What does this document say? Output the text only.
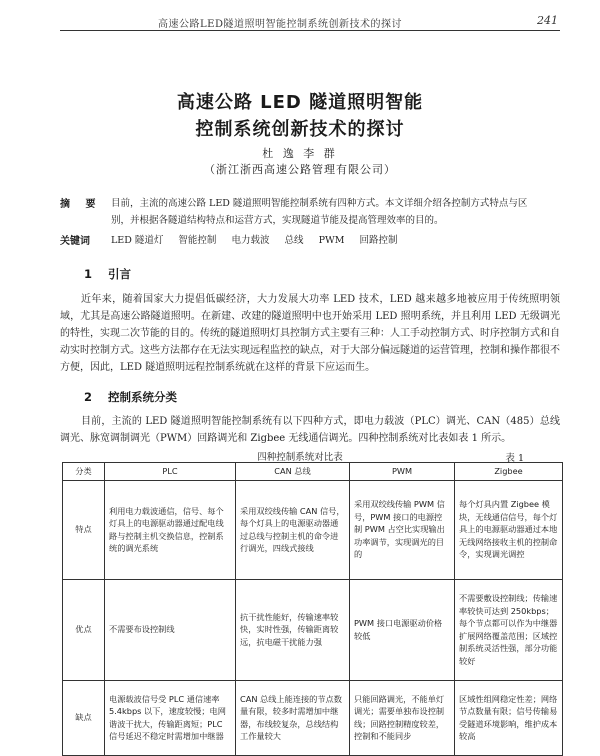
高速公路LED隧道照明智能控制系统创新技术的探讨	241
高速公路 LED 隧道照明智能
控制系统创新技术的探讨
杜 逸 李 群
（浙江浙西高速公路管理有限公司）
摘 要 目前，主流的高速公路 LED 隧道照明智能控制系统有四种方式。本文详细介绍各控制方式特点与区别，并根据各隧道结构特点和运营方式，实现隧道节能及提高管理效率的目的。
关键词 LED 隧道灯 智能控制 电力载波 总线 PWM 回路控制
1 引言
近年来，随着国家大力提倡低碳经济，大力发展大功率 LED 技术，LED 越来越多地被应用于传统照明领域，尤其是高速公路隧道照明。在新建、改建的隧道照明中也开始采用 LED 照明系统，并且利用 LED 无级调光的特性，实现二次节能的目的。传统的隧道照明灯具控制方式主要有三种：人工手动控制方式、时序控制方式和自动实时控制方式。这些方法都存在无法实现远程监控的缺点，对于大部分偏远隧道的运营管理，控制和操作都很不方便，因此，LED 隧道照明远程控制系统就在这样的背景下应运而生。
2 控制系统分类
目前，主流的 LED 隧道照明智能控制系统有以下四种方式，即电力载波（PLC）调光、CAN（485）总线调光、脉宽调制调光（PWM）回路调光和 Zigbee 无线通信调光。四种控制系统对比表如表 1 所示。
四种控制系统对比表	表 1
分类	PLC	CAN 总线	PWM	Zigbee
特点	利用电力载波通信，信号、每个灯具上的电源驱动器通过配电线路与控制主机交换信息，控制系统的调光系统	采用双绞线传输 CAN 信号，每个灯具上的电源驱动器通过总线与控制主机的命令进行调光，四线式接线	采用双绞线传输 PWM 信号，PWM 接口的电源控制 PWM 占空比实现输出功率调节，实现调光的目的	每个灯具内置 Zigbee 模块，无线通信信号，每个灯具上的电源驱动器通过本地无线网络接收主机的控制命令，实现调光调控
优点	不需要布设控制线	抗干扰性能好，传输速率较快，实时性强，传输距离较远，抗电磁干扰能力强	PWM 接口电源驱动价格较低	不需要敷设控制线；传输速率较快可达到 250kbps；每个节点都可以作为中继器扩展网络覆盖范围；区域控制系统灵活性强，部分功能较好
缺点	电源载波信号受 PLC 通信速率 5.4kbps 以下，速度较慢；电网谐波干扰大，传输距离短；PLC 信号延迟不稳定时需增加中继器	CAN 总线上能连接的节点数量有限，较多时需增加中继器，布线较复杂，总线结构工作量较大	只能回路调光，不能单灯调光；需要单独布设控制线；回路控制精度较差，控制和不能同步	区域性组网稳定性差；网络节点数量有限；信号传输易受隧道环境影响，维护成本较高
